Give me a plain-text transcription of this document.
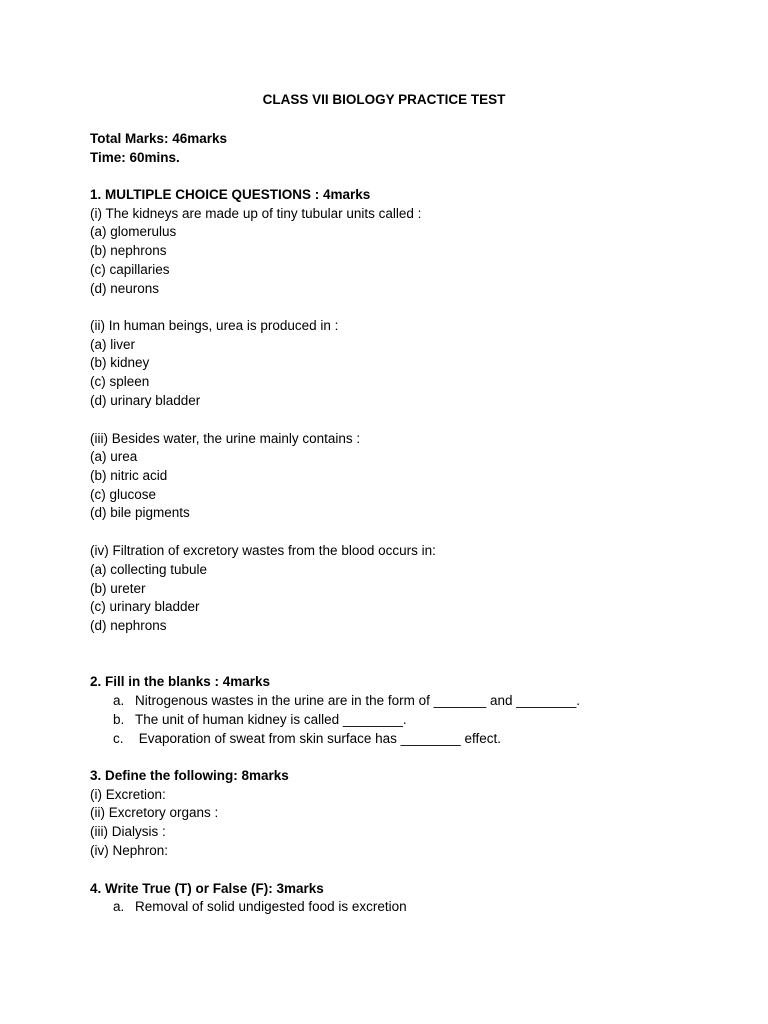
CLASS VII BIOLOGY PRACTICE TEST
Total Marks: 46marks
Time: 60mins.
1. MULTIPLE CHOICE QUESTIONS : 4marks
(i) The kidneys are made up of tiny tubular units called :
(a) glomerulus
(b) nephrons
(c) capillaries
(d) neurons
(ii) In human beings, urea is produced in :
(a) liver
(b) kidney
(c) spleen
(d) urinary bladder
(iii) Besides water, the urine mainly contains :
(a) urea
(b) nitric acid
(c) glucose
(d) bile pigments
(iv) Filtration of excretory wastes from the blood occurs in:
(a) collecting tubule
(b) ureter
(c) urinary bladder
(d) nephrons
2. Fill in the blanks : 4marks
a. Nitrogenous wastes in the urine are in the form of _______ and ________.
b. The unit of human kidney is called ________.
c. Evaporation of sweat from skin surface has ________ effect.
3. Define the following: 8marks
(i) Excretion:
(ii) Excretory organs :
(iii) Dialysis :
(iv) Nephron:
4. Write True (T) or False (F): 3marks
a. Removal of solid undigested food is excretion
